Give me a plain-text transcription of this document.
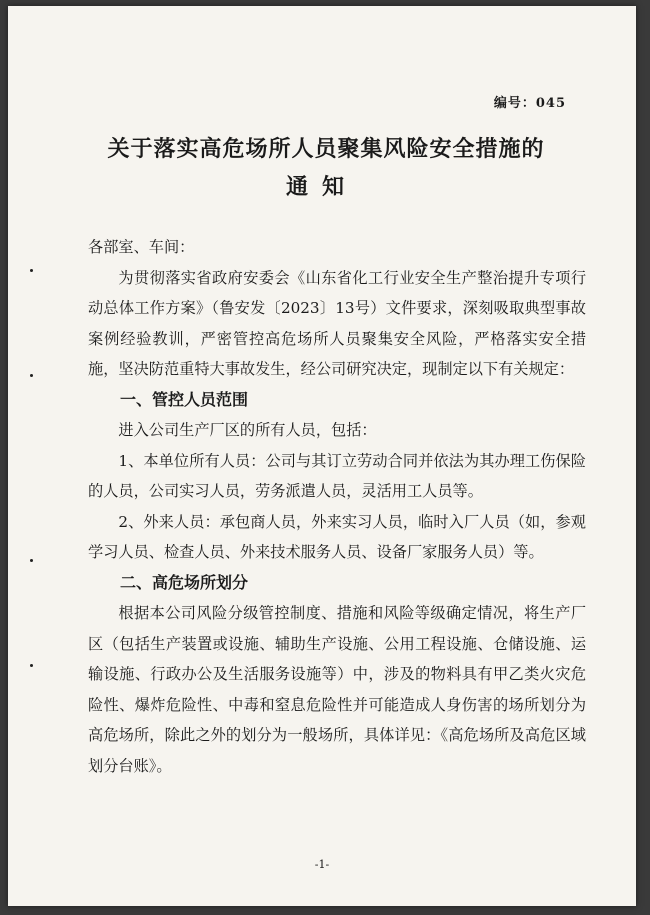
编号：045
关于落实高危场所人员聚集风险安全措施的
通知

各部室、车间：

为贯彻落实省政府安委会《山东省化工行业安全生产整治提升专项行动总体工作方案》（鲁安发〔2023〕13号）文件要求，深刻吸取典型事故案例经验教训，严密管控高危场所人员聚集安全风险，严格落实安全措施，坚决防范重特大事故发生，经公司研究决定，现制定以下有关规定：

一、管控人员范围

进入公司生产厂区的所有人员，包括：

1、本单位所有人员：公司与其订立劳动合同并依法为其办理工伤保险的人员，公司实习人员，劳务派遣人员，灵活用工人员等。

2、外来人员：承包商人员，外来实习人员，临时入厂人员（如，参观学习人员、检查人员、外来技术服务人员、设备厂家服务人员）等。

二、高危场所划分

根据本公司风险分级管控制度、措施和风险等级确定情况，将生产厂区（包括生产装置或设施、辅助生产设施、公用工程设施、仓储设施、运输设施、行政办公及生活服务设施等）中，涉及的物料具有甲乙类火灾危险性、爆炸危险性、中毒和窒息危险性并可能造成人身伤害的场所划分为高危场所，除此之外的划分为一般场所，具体详见：《高危场所及高危区域划分台账》。

-1-
